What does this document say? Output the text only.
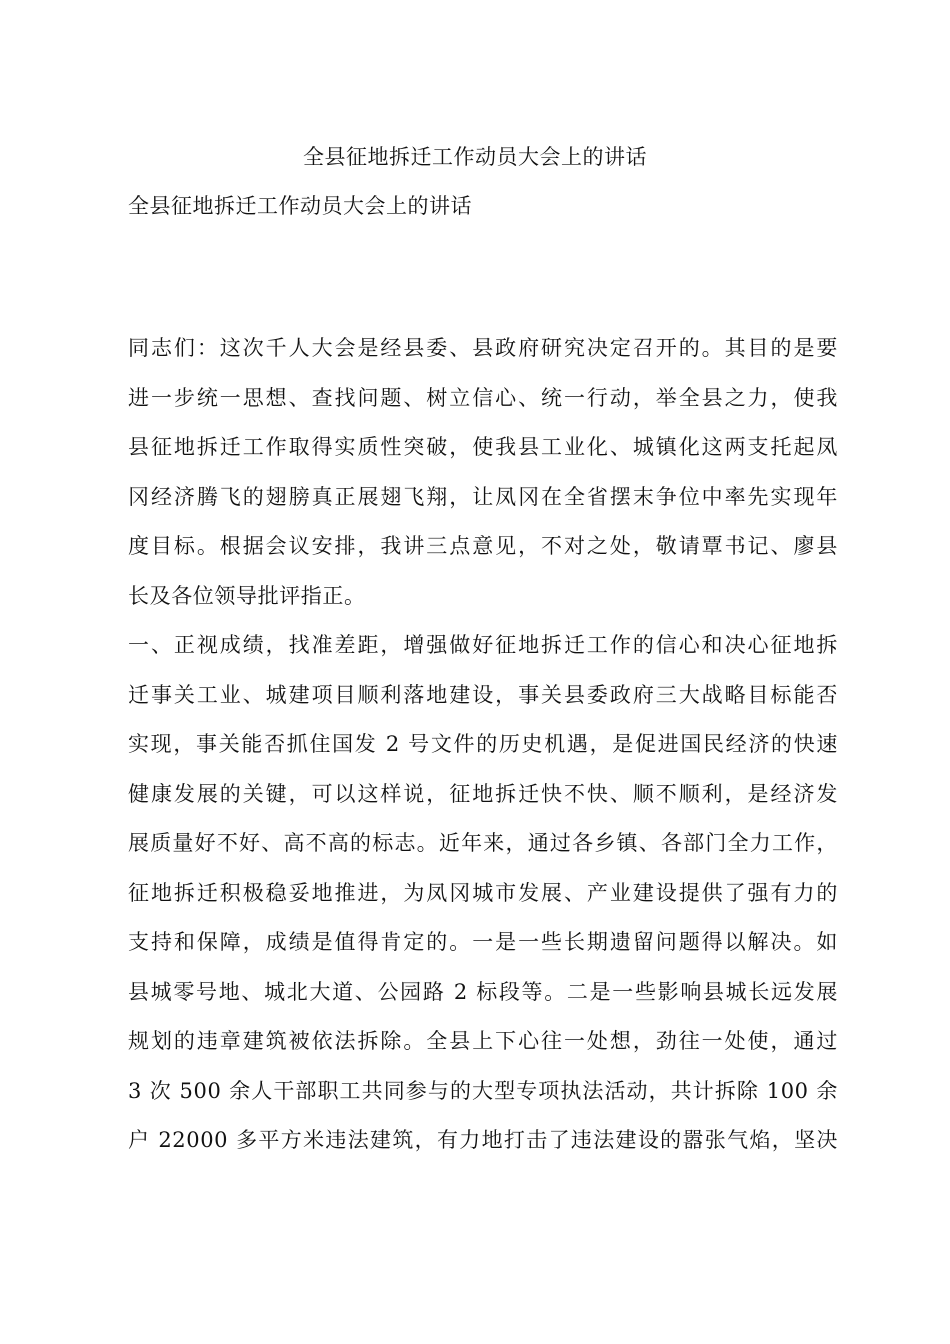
全县征地拆迁工作动员大会上的讲话
全县征地拆迁工作动员大会上的讲话
同志们：这次千人大会是经县委、县政府研究决定召开的。其目的是要
进一步统一思想、查找问题、树立信心、统一行动，举全县之力，使我
县征地拆迁工作取得实质性突破，使我县工业化、城镇化这两支托起凤
冈经济腾飞的翅膀真正展翅飞翔，让凤冈在全省摆末争位中率先实现年
度目标。根据会议安排，我讲三点意见，不对之处，敬请覃书记、廖县
长及各位领导批评指正。
一、正视成绩，找准差距，增强做好征地拆迁工作的信心和决心征地拆
迁事关工业、城建项目顺利落地建设，事关县委政府三大战略目标能否
实现，事关能否抓住国发 2 号文件的历史机遇，是促进国民经济的快速
健康发展的关键，可以这样说，征地拆迁快不快、顺不顺利，是经济发
展质量好不好、高不高的标志。近年来，通过各乡镇、各部门全力工作，
征地拆迁积极稳妥地推进，为凤冈城市发展、产业建设提供了强有力的
支持和保障，成绩是值得肯定的。一是一些长期遗留问题得以解决。如
县城零号地、城北大道、公园路 2 标段等。二是一些影响县城长远发展
规划的违章建筑被依法拆除。全县上下心往一处想，劲往一处使，通过
3 次 500 余人干部职工共同参与的大型专项执法活动，共计拆除 100 余
户 22000 多平方米违法建筑，有力地打击了违法建设的嚣张气焰，坚决
